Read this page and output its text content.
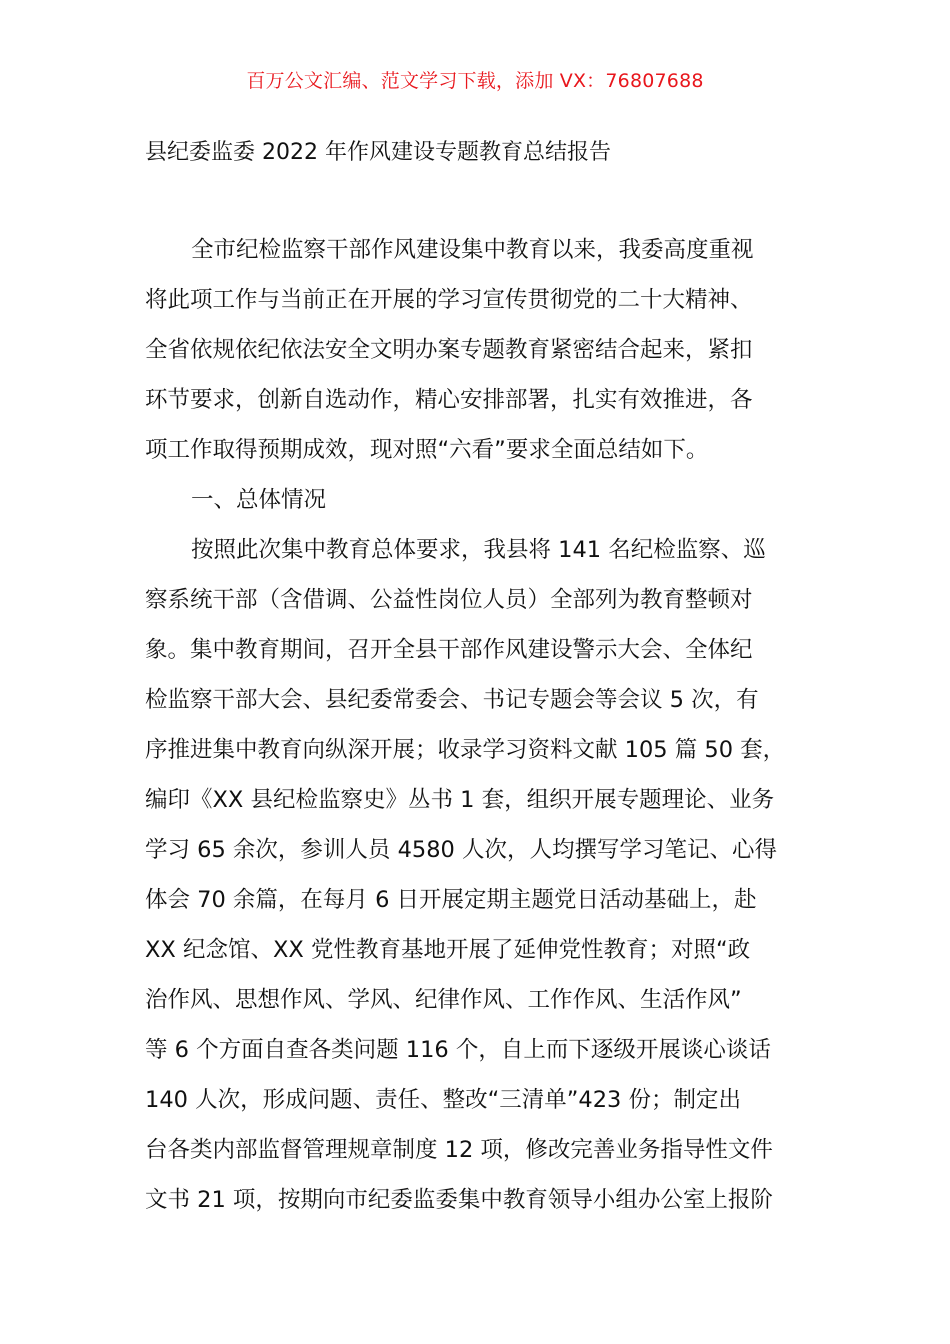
百万公文汇编、范文学习下载，添加 VX：76807688
县纪委监委 2022 年作风建设专题教育总结报告
全市纪检监察干部作风建设集中教育以来，我委高度重视
将此项工作与当前正在开展的学习宣传贯彻党的二十大精神、
全省依规依纪依法安全文明办案专题教育紧密结合起来，紧扣
环节要求，创新自选动作，精心安排部署，扎实有效推进，各
项工作取得预期成效，现对照“六看”要求全面总结如下。
一、总体情况
按照此次集中教育总体要求，我县将 141 名纪检监察、巡
察系统干部（含借调、公益性岗位人员）全部列为教育整顿对
象。集中教育期间，召开全县干部作风建设警示大会、全体纪
检监察干部大会、县纪委常委会、书记专题会等会议 5 次，有
序推进集中教育向纵深开展；收录学习资料文献 105 篇 50 套，
编印《XX 县纪检监察史》丛书 1 套，组织开展专题理论、业务
学习 65 余次，参训人员 4580 人次，人均撰写学习笔记、心得
体会 70 余篇，在每月 6 日开展定期主题党日活动基础上，赴
XX 纪念馆、XX 党性教育基地开展了延伸党性教育；对照“政
治作风、思想作风、学风、纪律作风、工作作风、生活作风”
等 6 个方面自查各类问题 116 个，自上而下逐级开展谈心谈话
140 人次，形成问题、责任、整改“三清单”423 份；制定出
台各类内部监督管理规章制度 12 项，修改完善业务指导性文件
文书 21 项，按期向市纪委监委集中教育领导小组办公室上报阶
